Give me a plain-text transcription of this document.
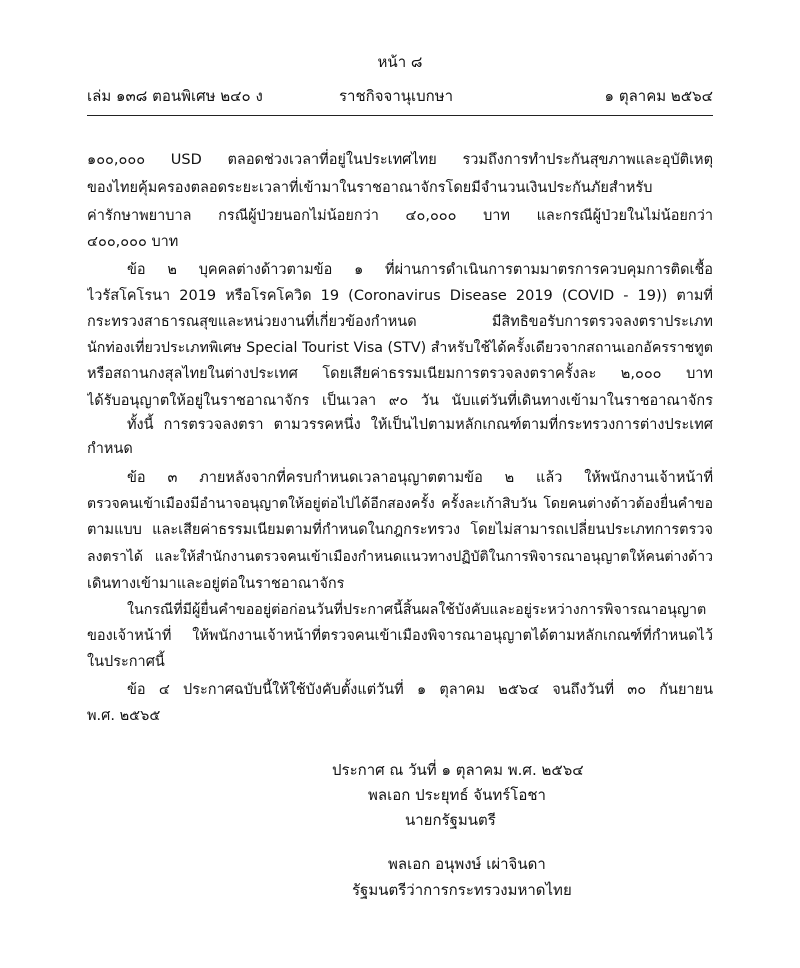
หน้า ๘
เล่ม ๑๓๘ ตอนพิเศษ ๒๔๐ ง	ราชกิจจานุเบกษา	๑ ตุลาคม ๒๕๖๔
๑๐๐,๐๐๐ USD ตลอดช่วงเวลาที่อยู่ในประเทศไทย รวมถึงการทำประกันสุขภาพและอุบัติเหตุ
ของไทยคุ้มครองตลอดระยะเวลาที่เข้ามาในราชอาณาจักรโดยมีจำนวนเงินประกันภัยสำหรับ
ค่ารักษาพยาบาล กรณีผู้ป่วยนอกไม่น้อยกว่า ๔๐,๐๐๐ บาท และกรณีผู้ป่วยในไม่น้อยกว่า
๔๐๐,๐๐๐ บาท
ข้อ ๒ บุคคลต่างด้าวตามข้อ ๑ ที่ผ่านการดำเนินการตามมาตรการควบคุมการติดเชื้อ
ไวรัสโคโรนา 2019 หรือโรคโควิด 19 (Coronavirus Disease 2019 (COVID - 19)) ตามที่
กระทรวงสาธารณสุขและหน่วยงานที่เกี่ยวข้องกำหนด มีสิทธิขอรับการตรวจลงตราประเภท
นักท่องเที่ยวประเภทพิเศษ Special Tourist Visa (STV) สำหรับใช้ได้ครั้งเดียวจากสถานเอกอัครราชทูต
หรือสถานกงสุลไทยในต่างประเทศ โดยเสียค่าธรรมเนียมการตรวจลงตราครั้งละ ๒,๐๐๐ บาท
ได้รับอนุญาตให้อยู่ในราชอาณาจักร เป็นเวลา ๙๐ วัน นับแต่วันที่เดินทางเข้ามาในราชอาณาจักร
ทั้งนี้ การตรวจลงตรา ตามวรรคหนึ่ง ให้เป็นไปตามหลักเกณฑ์ตามที่กระทรวงการต่างประเทศ
กำหนด
ข้อ ๓ ภายหลังจากที่ครบกำหนดเวลาอนุญาตตามข้อ ๒ แล้ว ให้พนักงานเจ้าหน้าที่
ตรวจคนเข้าเมืองมีอำนาจอนุญาตให้อยู่ต่อไปได้อีกสองครั้ง ครั้งละเก้าสิบวัน โดยคนต่างด้าวต้องยื่นคำขอ
ตามแบบ และเสียค่าธรรมเนียมตามที่กำหนดในกฎกระทรวง โดยไม่สามารถเปลี่ยนประเภทการตรวจ
ลงตราได้ และให้สำนักงานตรวจคนเข้าเมืองกำหนดแนวทางปฏิบัติในการพิจารณาอนุญาตให้คนต่างด้าว
เดินทางเข้ามาและอยู่ต่อในราชอาณาจักร
ในกรณีที่มีผู้ยื่นคำขออยู่ต่อก่อนวันที่ประกาศนี้สิ้นผลใช้บังคับและอยู่ระหว่างการพิจารณาอนุญาต
ของเจ้าหน้าที่ ให้พนักงานเจ้าหน้าที่ตรวจคนเข้าเมืองพิจารณาอนุญาตได้ตามหลักเกณฑ์ที่กำหนดไว้
ในประกาศนี้
ข้อ ๔ ประกาศฉบับนี้ให้ใช้บังคับตั้งแต่วันที่ ๑ ตุลาคม ๒๕๖๔ จนถึงวันที่ ๓๐ กันยายน
พ.ศ. ๒๕๖๕
ประกาศ ณ วันที่ ๑ ตุลาคม พ.ศ. ๒๕๖๔
พลเอก ประยุทธ์ จันทร์โอชา
นายกรัฐมนตรี
พลเอก อนุพงษ์ เผ่าจินดา
รัฐมนตรีว่าการกระทรวงมหาดไทย
